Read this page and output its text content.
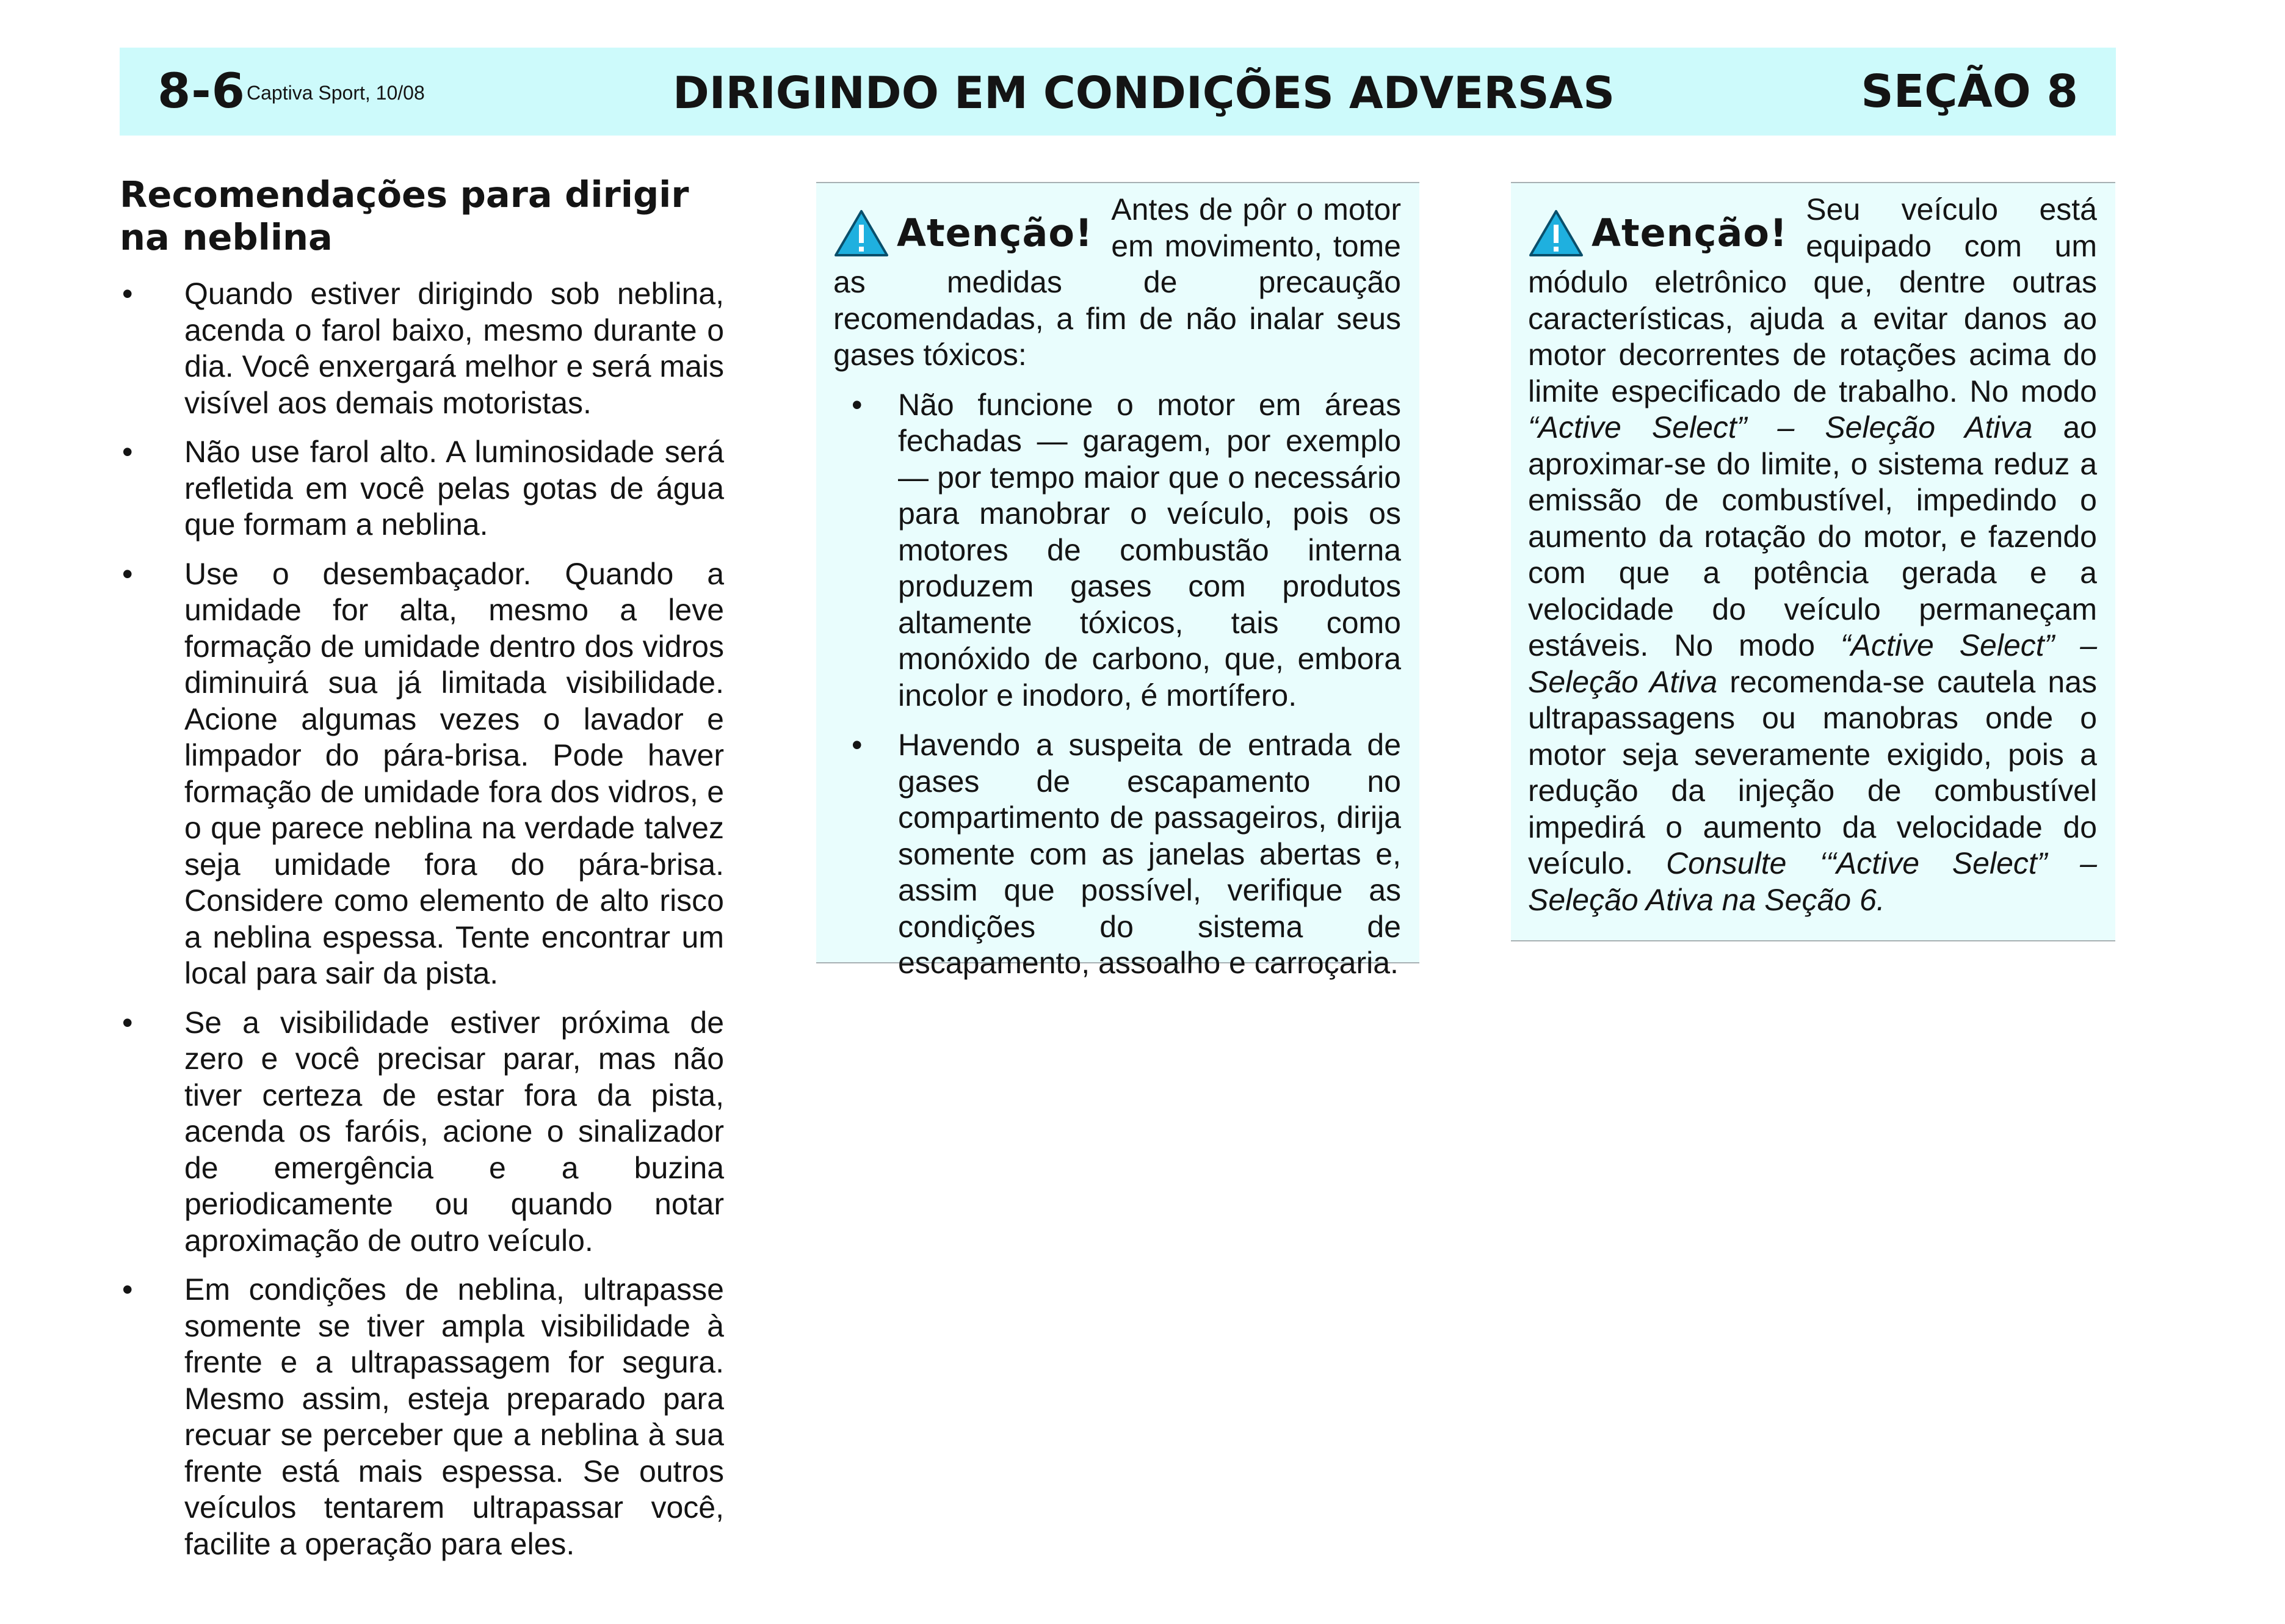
8-6 Captiva Sport, 10/08	DIRIGINDO EM CONDIÇÕES ADVERSAS	SEÇÃO 8
Recomendações para dirigir na neblina
• Quando estiver dirigindo sob neblina, acenda o farol baixo, mesmo durante o dia. Você enxergará melhor e será mais visível aos demais motoristas.
• Não use farol alto. A luminosidade será refletida em você pelas gotas de água que formam a neblina.
• Use o desembaçador. Quando a umidade for alta, mesmo a leve formação de umidade dentro dos vidros diminuirá sua já limitada visibilidade. Acione algumas vezes o lavador e limpador do pára-brisa. Pode haver formação de umidade fora dos vidros, e o que parece neblina na verdade talvez seja umidade fora do pára-brisa. Considere como elemento de alto risco a neblina espessa. Tente encontrar um local para sair da pista.
• Se a visibilidade estiver próxima de zero e você precisar parar, mas não tiver certeza de estar fora da pista, acenda os faróis, acione o sinalizador de emergência e a buzina periodicamente ou quando notar aproximação de outro veículo.
• Em condições de neblina, ultrapasse somente se tiver ampla visibilidade à frente e a ultrapassagem for segura. Mesmo assim, esteja preparado para recuar se perceber que a neblina à sua frente está mais espessa. Se outros veículos tentarem ultrapassar você, facilite a operação para eles.
Atenção!

Antes de pôr o motor em movimento, tome as medidas de precaução recomendadas, a fim de não inalar seus gases tóxicos:

• Não funcione o motor em áreas fechadas — garagem, por exemplo — por tempo maior que o necessário para manobrar o veículo, pois os motores de combustão interna produzem gases com produtos altamente tóxicos, tais como monóxido de carbono, que, embora incolor e inodoro, é mortífero.
• Havendo a suspeita de entrada de gases de escapamento no compartimento de passageiros, dirija somente com as janelas abertas e, assim que possível, verifique as condições do sistema de escapamento, assoalho e carroçaria.
Atenção!

Seu veículo está equipado com um módulo eletrônico que, dentre outras características, ajuda a evitar danos ao motor decorrentes de rotações acima do limite especificado de trabalho. No modo “Active Select” – Seleção Ativa ao aproximar-se do limite, o sistema reduz a emissão de combustível, impedindo o aumento da rotação do motor, e fazendo com que a potência gerada e a velocidade do veículo permaneçam estáveis. No modo “Active Select” – Seleção Ativa recomenda-se cautela nas ultrapassagens ou manobras onde o motor seja severamente exigido, pois a redução da injeção de combustível impedirá o aumento da velocidade do veículo. Consulte ‘“Active Select” – Seleção Ativa na Seção 6.
